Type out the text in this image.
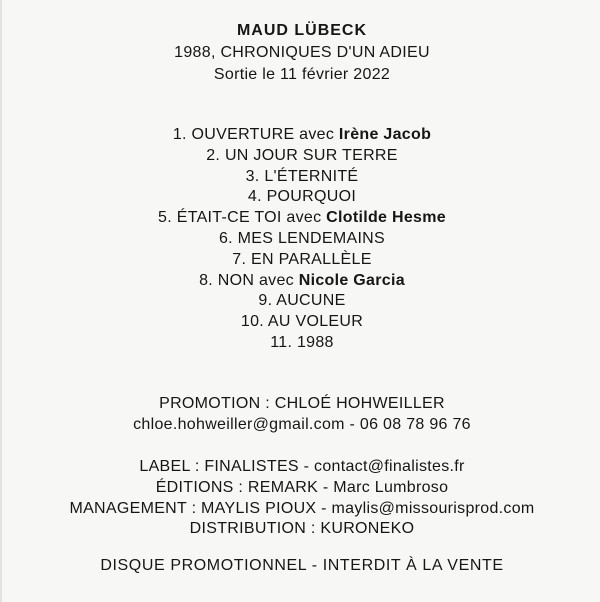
MAUD LÜBECK
1988, CHRONIQUES D'UN ADIEU
Sortie le 11 février 2022
1. OUVERTURE avec Irène Jacob
2. UN JOUR SUR TERRE
3. L'ÉTERNITÉ
4. POURQUOI
5. ÉTAIT-CE TOI avec Clotilde Hesme
6. MES LENDEMAINS
7. EN PARALLÈLE
8. NON avec Nicole Garcia
9. AUCUNE
10. AU VOLEUR
11. 1988
PROMOTION : CHLOÉ HOHWEILLER
chloe.hohweiller@gmail.com - 06 08 78 96 76
LABEL : FINALISTES - contact@finalistes.fr
ÉDITIONS : REMARK - Marc Lumbroso
MANAGEMENT : MAYLIS PIOUX - maylis@missourisprod.com
DISTRIBUTION : KURONEKO
DISQUE PROMOTIONNEL - INTERDIT À LA VENTE
